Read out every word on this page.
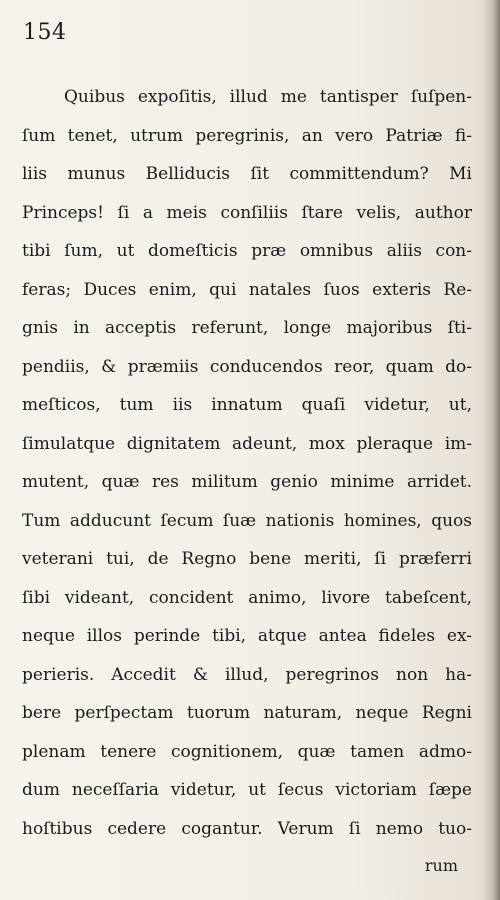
154
Quibus expoſitis, illud me tantisper ſuſpen-
ſum tenet, utrum peregrinis, an vero Patriæ fi-
liis munus Belliducis ſit committendum? Mi
Princeps! ſi a meis conſiliis ſtare velis, author
tibi ſum, ut domeſticis præ omnibus aliis con-
feras; Duces enim, qui natales ſuos exteris Re-
gnis in acceptis referunt, longe majoribus ſti-
pendiis, & præmiis conducendos reor, quam do-
meſticos, tum iis innatum quaſi videtur, ut,
ſimulatque dignitatem adeunt, mox pleraque im-
mutent, quæ res militum genio minime arridet.
Tum adducunt ſecum ſuæ nationis homines, quos
veterani tui, de Regno bene meriti, ſi præferri
ſibi videant, concident animo, livore tabeſcent,
neque illos perinde tibi, atque antea fideles ex-
perieris. Accedit & illud, peregrinos non ha-
bere perſpectam tuorum naturam, neque Regni
plenam tenere cognitionem, quæ tamen admo-
dum neceſſaria videtur, ut ſecus victoriam ſæpe
hoſtibus cedere cogantur. Verum ſi nemo tuo-
rum
